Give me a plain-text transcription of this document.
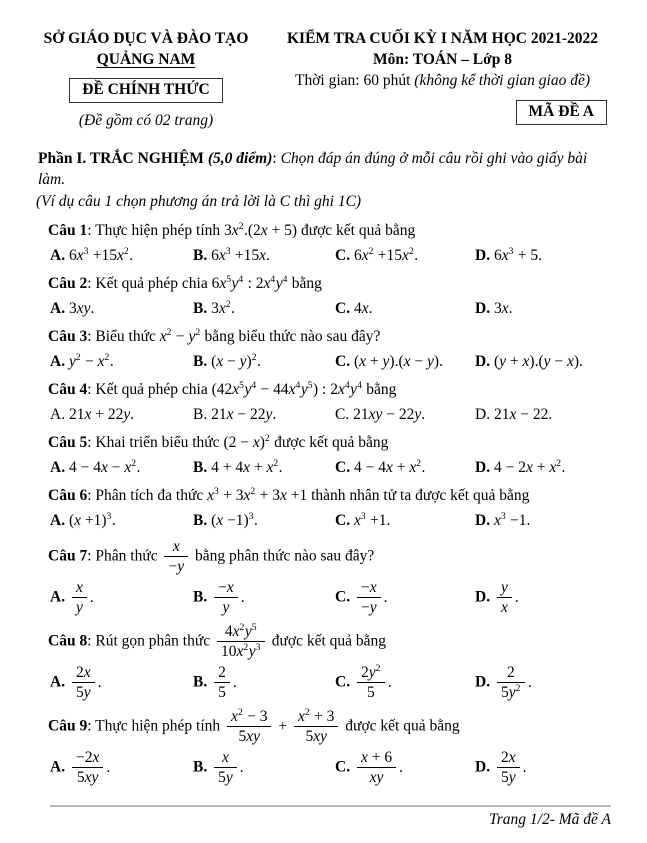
SỞ GIÁO DỤC VÀ ĐÀO TẠO
QUẢNG NAM
ĐỀ CHÍNH THỨC
(Đề gồm có 02 trang)
KIỂM TRA CUỐI KỲ I NĂM HỌC 2021-2022
Môn: TOÁN – Lớp 8
Thời gian: 60 phút (không kể thời gian giao đề)
MÃ ĐỀ A
Phần I. TRẮC NGHIỆM (5,0 điểm): Chọn đáp án đúng ở mỗi câu rồi ghi vào giấy bài làm.
(Ví dụ câu 1 chọn phương án trả lời là C thì ghi 1C)
Câu 1: Thực hiện phép tính $3x^2.(2x + 5)$ được kết quả bằng
A. $6x^3 +15x^2$.	B. $6x^3 +15x$.	C. $6x^2 +15x^2$.	D. $6x^3 + 5$.
Câu 2: Kết quả phép chia $6x^5y^4$ : $2x^4y^4$ bằng
A. 3xy.	B. $3x^2$.	C. 4x.	D. 3x.
Câu 3: Biểu thức $x^2 - y^2$ bằng biểu thức nào sau đây?
A. $y^2 - x^2$.	B. $(x - y)^2$.	C. (x + y).(x − y).	D. (y + x).(y − x).
Câu 4: Kết quả phép chia $(42x^5y^4 - 44x^4y^5)$ : $2x^4y^4$ bằng
A. 21x + 22y.	B. 21x − 22y.	C. 21xy − 22y.	D. 21x − 22.
Câu 5: Khai triển biểu thức $(2 - x)^2$ được kết quả bằng
A. $4 - 4x - x^2$.	B. $4 + 4x + x^2$.	C. $4 - 4x + x^2$.	D. $4 - 2x + x^2$.
Câu 6: Phân tích đa thức $x^3 + 3x^2 + 3x +1$ thành nhân tử ta được kết quả bằng
A. $(x +1)^3$.	B. $(x -1)^3$.	C. $x^3 +1$.	D. $x^3 -1$.
Câu 7: Phân thức $\frac{x}{-y}$ bằng phân thức nào sau đây?
A. $\frac{x}{y}$ .	B. $\frac{-x}{y}$ .	C. $\frac{-x}{-y}$ .	D. $\frac{y}{x}$ .
Câu 8: Rút gọn phân thức $\frac{4x^2y^5}{10x^2y^3}$ được kết quả bằng
A. $\frac{2x}{5y}$ .	B. $\frac{2}{5}$ .	C. $\frac{2y^2}{5}$ .	D. $\frac{2}{5y^2}$ .
Câu 9: Thực hiện phép tính $\frac{x^2 - 3}{5xy} + \frac{x^2 + 3}{5xy}$ được kết quả bằng
A. $\frac{-2x}{5xy}$ .	B. $\frac{x}{5y}$ .	C. $\frac{x + 6}{xy}$ .	D. $\frac{2x}{5y}$ .
Trang 1/2- Mã đề A
